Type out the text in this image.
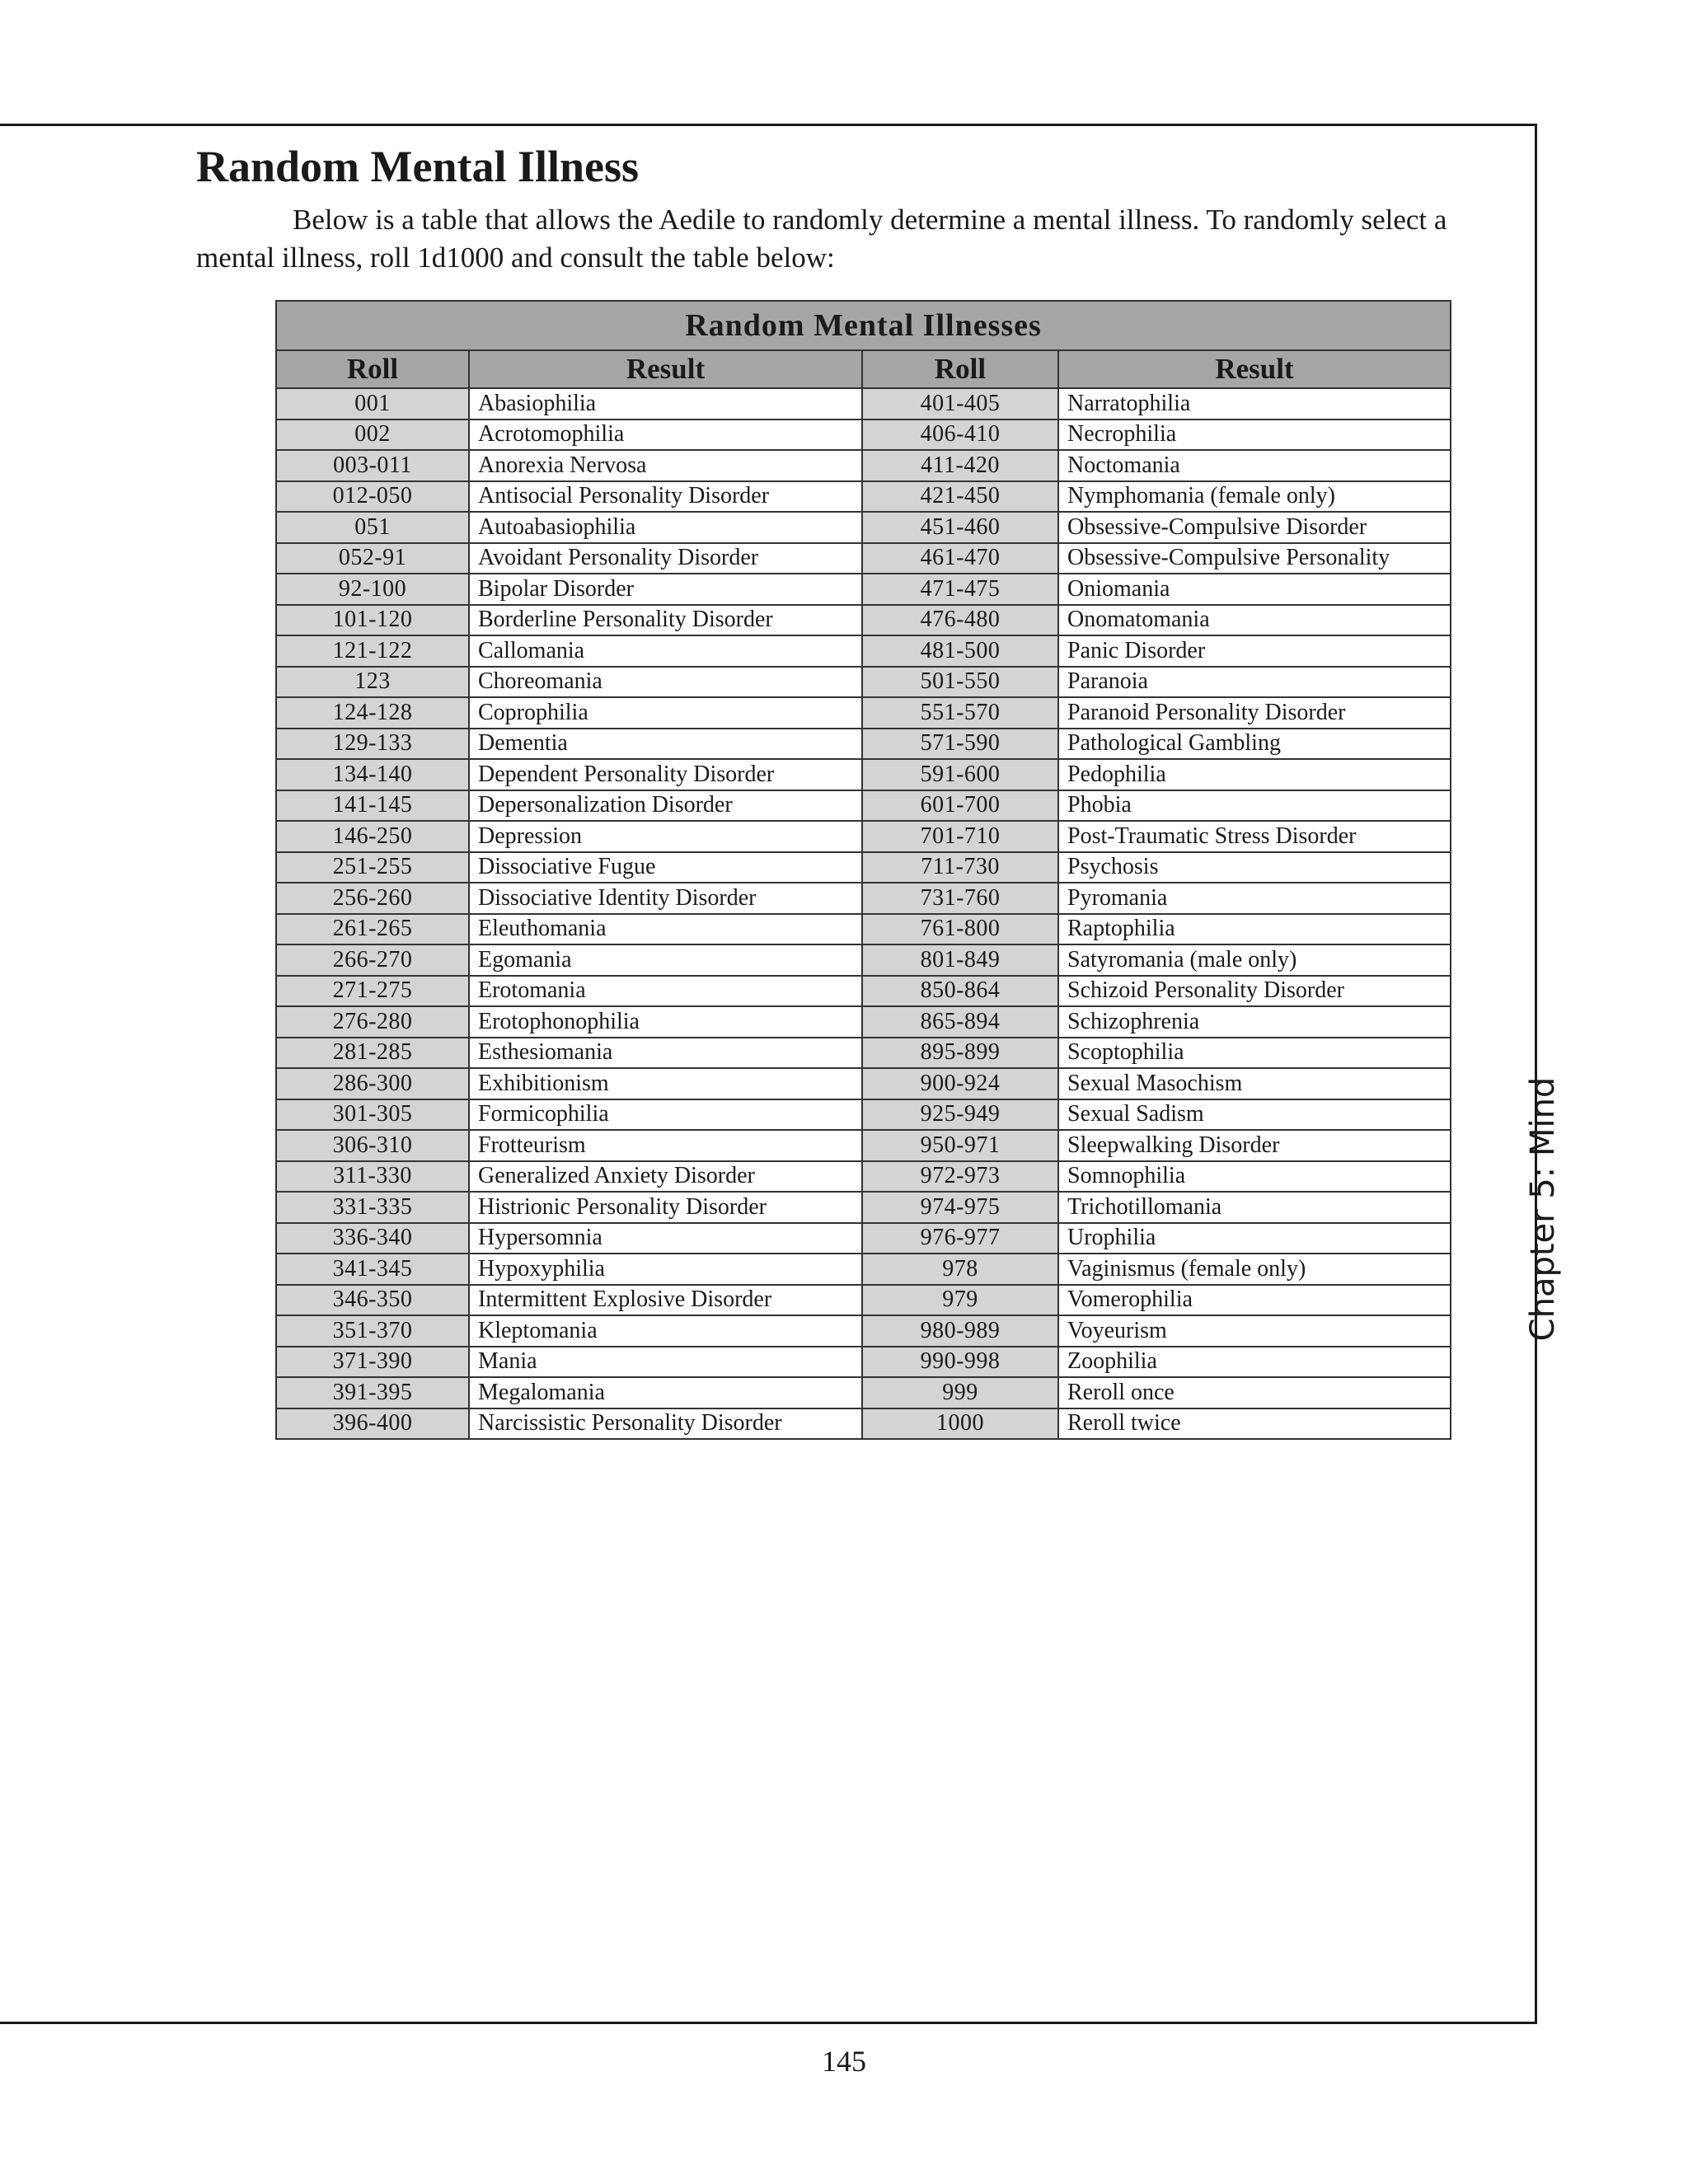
Random Mental Illness

Below is a table that allows the Aedile to randomly determine a mental illness. To randomly select a mental illness, roll 1d1000 and consult the table below:

Random Mental Illnesses			
Roll	Result	Roll	Result
001	Abasiophilia	401-405	Narratophilia
002	Acrotomophilia	406-410	Necrophilia
003-011	Anorexia Nervosa	411-420	Noctomania
012-050	Antisocial Personality Disorder	421-450	Nymphomania (female only)
051	Autoabasiophilia	451-460	Obsessive-Compulsive Disorder
052-91	Avoidant Personality Disorder	461-470	Obsessive-Compulsive Personality
92-100	Bipolar Disorder	471-475	Oniomania
101-120	Borderline Personality Disorder	476-480	Onomatomania
121-122	Callomania	481-500	Panic Disorder
123	Choreomania	501-550	Paranoia
124-128	Coprophilia	551-570	Paranoid Personality Disorder
129-133	Dementia	571-590	Pathological Gambling
134-140	Dependent Personality Disorder	591-600	Pedophilia
141-145	Depersonalization Disorder	601-700	Phobia
146-250	Depression	701-710	Post-Traumatic Stress Disorder
251-255	Dissociative Fugue	711-730	Psychosis
256-260	Dissociative Identity Disorder	731-760	Pyromania
261-265	Eleuthomania	761-800	Raptophilia
266-270	Egomania	801-849	Satyromania (male only)
271-275	Erotomania	850-864	Schizoid Personality Disorder
276-280	Erotophonophilia	865-894	Schizophrenia
281-285	Esthesiomania	895-899	Scoptophilia
286-300	Exhibitionism	900-924	Sexual Masochism
301-305	Formicophilia	925-949	Sexual Sadism
306-310	Frotteurism	950-971	Sleepwalking Disorder
311-330	Generalized Anxiety Disorder	972-973	Somnophilia
331-335	Histrionic Personality Disorder	974-975	Trichotillomania
336-340	Hypersomnia	976-977	Urophilia
341-345	Hypoxyphilia	978	Vaginismus (female only)
346-350	Intermittent Explosive Disorder	979	Vomerophilia
351-370	Kleptomania	980-989	Voyeurism
371-390	Mania	990-998	Zoophilia
391-395	Megalomania	999	Reroll once
396-400	Narcissistic Personality Disorder	1000	Reroll twice
Chapter 5: Mind
145
